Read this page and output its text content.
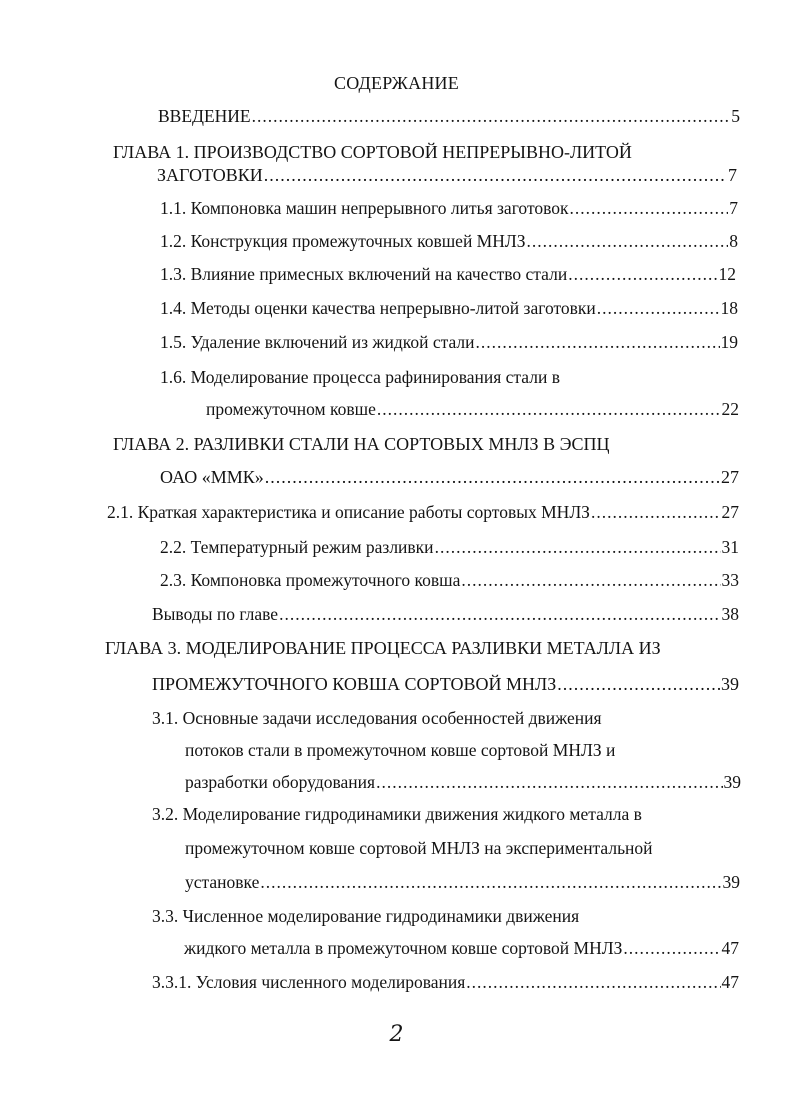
СОДЕРЖАНИЕ
ВВЕДЕНИЕ .....	5
ГЛАВА 1. ПРОИЗВОДСТВО СОРТОВОЙ НЕПРЕРЫВНО-ЛИТОЙ
ЗАГОТОВКИ .....	7
1.1. Компоновка машин непрерывного литья заготовок .....	7
1.2. Конструкция промежуточных ковшей МНЛЗ .....	8
1.3. Влияние примесных включений на качество стали .....	12
1.4. Методы оценки качества непрерывно-литой заготовки .....	18
1.5. Удаление включений из жидкой стали .....	19
1.6. Моделирование процесса рафинирования стали в
промежуточном ковше .....	22
ГЛАВА 2. РАЗЛИВКИ СТАЛИ НА СОРТОВЫХ МНЛЗ В ЭСПЦ
ОАО «ММК» .....	27
2.1. Краткая характеристика и описание работы сортовых МНЛЗ .....	27
2.2. Температурный режим разливки .....	31
2.3. Компоновка промежуточного ковша .....	33
Выводы по главе .....	38
ГЛАВА 3. МОДЕЛИРОВАНИЕ ПРОЦЕССА РАЗЛИВКИ МЕТАЛЛА ИЗ
ПРОМЕЖУТОЧНОГО КОВША СОРТОВОЙ МНЛЗ .....	39
3.1. Основные задачи исследования особенностей движения
потоков стали в промежуточном ковше сортовой МНЛЗ и
разработки оборудования .....	39
3.2. Моделирование гидродинамики движения жидкого металла в
промежуточном ковше сортовой МНЛЗ на экспериментальной
установке .....	39
3.3. Численное моделирование гидродинамики движения
жидкого металла в промежуточном ковше сортовой МНЛЗ .....	47
3.3.1. Условия численного моделирования .....	47
2
